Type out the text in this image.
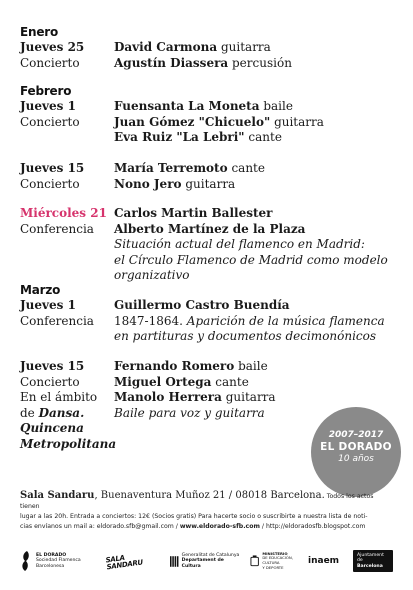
Enero
Jueves 25
Concierto
David Carmona guitarra
Agustín Diassera percusión
Febrero
Jueves 1
Concierto
Fuensanta La Moneta baile
Juan Gómez "Chicuelo" guitarra
Eva Ruiz "La Lebri" cante
Jueves 15
Concierto
María Terremoto cante
Nono Jero guitarra
Miércoles 21
Conferencia
Carlos Martin Ballester
Alberto Martínez de la Plaza
Situación actual del flamenco en Madrid:
el Círculo Flamenco de Madrid como modelo
organizativo
Marzo
Jueves 1
Conferencia
Guillermo Castro Buendía
1847-1864. Aparición de la música flamenca
en partituras y documentos decimonónicos
Jueves 15
Concierto
En el ámbito
de Dansa.
Quincena
Metropolitana
Fernando Romero baile
Miguel Ortega cante
Manolo Herrera guitarra
Baile para voz y guitarra
2007–2017
EL DORADO
10 años
Sala Sandaru, Buenaventura Muñoz 21 / 08018 Barcelona. Todos los actos tienen
lugar a las 20h. Entrada a conciertos: 12€ (Socios gratis) Para hacerte socio o suscribirte a nuestra lista de noti-
cias envíanos un mail a: eldorado.sfb@gmail.com / www.eldorado-sfb.com / http://eldoradosfb.blogspot.com
EL DORADO
Sociedad Flamenca
Barcelonesa
SALA SANDARU
Generalitat de Catalunya
Departament de Cultura
MINISTERIO
DE EDUCACIÓN, CULTURA
Y DEPORTE
inaem
Ajuntament de
Barcelona
